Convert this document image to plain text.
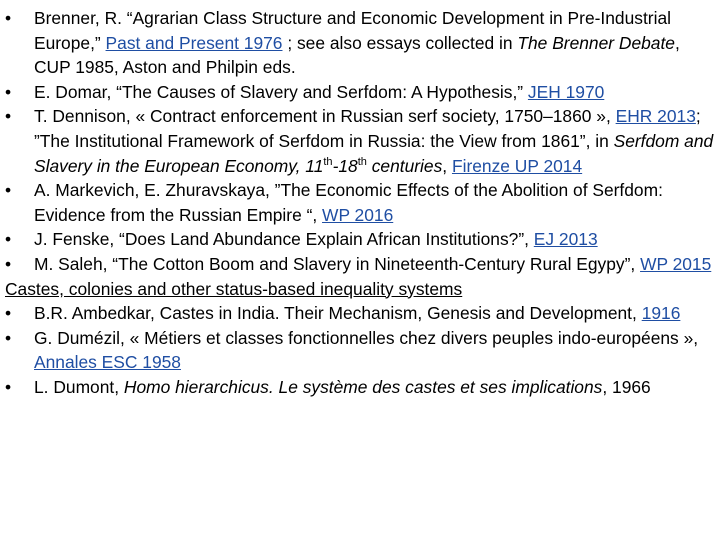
•	Brenner, R. “Agrarian Class Structure and Economic Development in Pre-Industrial Europe,” Past and Present 1976 ; see also essays collected in The Brenner Debate, CUP 1985, Aston and Philpin eds.
•	E. Domar, “The Causes of Slavery and Serfdom: A Hypothesis,” JEH 1970
•	T. Dennison, « Contract enforcement in Russian serf society, 1750–1860 », EHR 2013; ”The Institutional Framework of Serfdom in Russia: the View from 1861”, in Serfdom and Slavery in the European Economy, 11th-18th centuries, Firenze UP 2014
•	A. Markevich, E. Zhuravskaya, ”The Economic Effects of the Abolition of Serfdom: Evidence from the Russian Empire “, WP 2016
•	J. Fenske, “Does Land Abundance Explain African Institutions?”, EJ 2013
•	M. Saleh, “The Cotton Boom and Slavery in Nineteenth-Century Rural Egypy”, WP 2015
Castes, colonies and other status-based inequality systems
•	B.R. Ambedkar, Castes in India. Their Mechanism, Genesis and Development, 1916
•	G. Dumézil, « Métiers et classes fonctionnelles chez divers peuples indo-européens », Annales ESC 1958
•	L. Dumont, Homo hierarchicus. Le système des castes et ses implications, 1966
